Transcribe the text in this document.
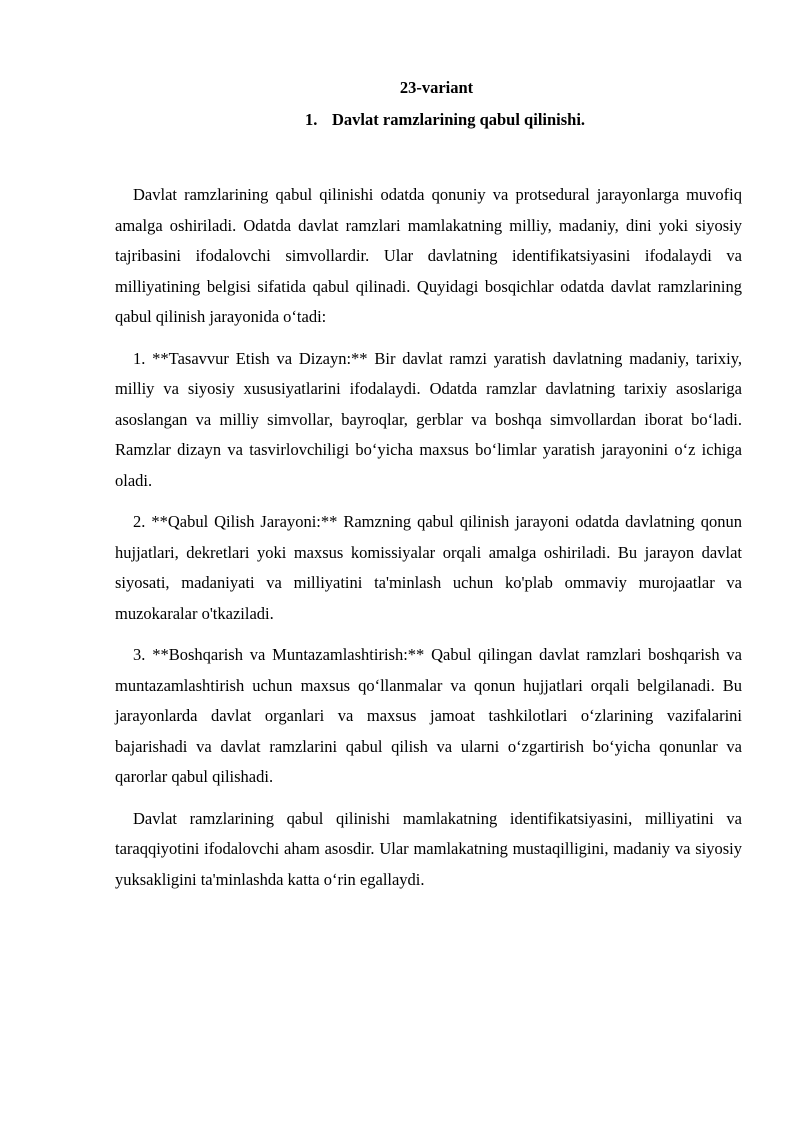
23-variant
1. Davlat ramzlarining qabul qilinishi.

Davlat ramzlarining qabul qilinishi odatda qonuniy va protsedural jarayonlarga muvofiq amalga oshiriladi. Odatda davlat ramzlari mamlakatning milliy, madaniy, dini yoki siyosiy tajribasini ifodalovchi simvollardir. Ular davlatning identifikatsiyasini ifodalaydi va milliyatining belgisi sifatida qabul qilinadi. Quyidagi bosqichlar odatda davlat ramzlarining qabul qilinish jarayonida o‘tadi:

1. **Tasavvur Etish va Dizayn:** Bir davlat ramzi yaratish davlatning madaniy, tarixiy, milliy va siyosiy xususiyatlarini ifodalaydi. Odatda ramzlar davlatning tarixiy asoslariga asoslangan va milliy simvollar, bayroqlar, gerblar va boshqa simvollardan iborat bo‘ladi. Ramzlar dizayn va tasvirlovchiligi bo‘yicha maxsus bo‘limlar yaratish jarayonini o‘z ichiga oladi.

2. **Qabul Qilish Jarayoni:** Ramzning qabul qilinish jarayoni odatda davlatning qonun hujjatlari, dekretlari yoki maxsus komissiyalar orqali amalga oshiriladi. Bu jarayon davlat siyosati, madaniyati va milliyatini ta'minlash uchun ko'plab ommaviy murojaatlar va muzokaralar o'tkaziladi.

3. **Boshqarish va Muntazamlashtirish:** Qabul qilingan davlat ramzlari boshqarish va muntazamlashtirish uchun maxsus qo‘llanmalar va qonun hujjatlari orqali belgilanadi. Bu jarayonlarda davlat organlari va maxsus jamoat tashkilotlari o‘zlarining vazifalarini bajarishadi va davlat ramzlarini qabul qilish va ularni o‘zgartirish bo‘yicha qonunlar va qarorlar qabul qilishadi.

Davlat ramzlarining qabul qilinishi mamlakatning identifikatsiyasini, milliyatini va taraqqiyotini ifodalovchi aham asosdir. Ular mamlakatning mustaqilligini, madaniy va siyosiy yuksakligini ta'minlashda katta o‘rin egallaydi.
